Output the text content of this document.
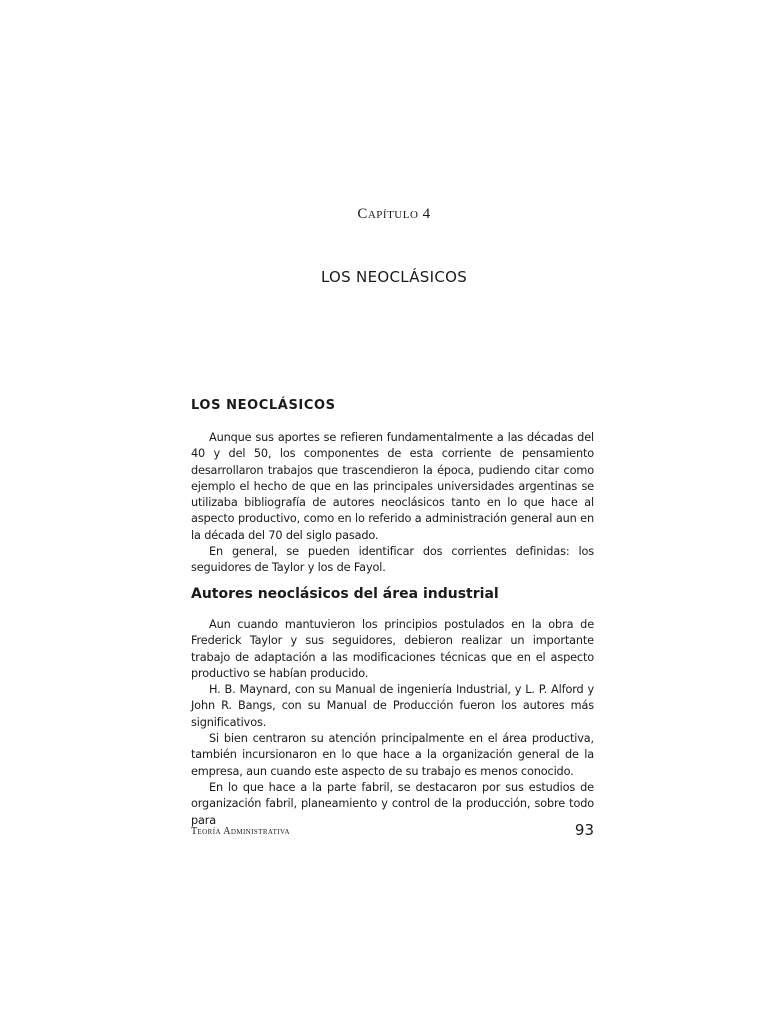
Capítulo 4
LOS NEOCLÁSICOS
LOS NEOCLÁSICOS

Aunque sus aportes se refieren fundamentalmente a las décadas del 40 y del 50, los componentes de esta corriente de pensamiento desarrollaron trabajos que trascendieron la época, pudiendo citar como ejemplo el hecho de que en las principales universidades argentinas se utilizaba bibliografía de autores neoclásicos tanto en lo que hace al aspecto productivo, como en lo referido a administración general aun en la década del 70 del siglo pasado.

En general, se pueden identificar dos corrientes definidas: los seguidores de Taylor y los de Fayol.

Autores neoclásicos del área industrial

Aun cuando mantuvieron los principios postulados en la obra de Frederick Taylor y sus seguidores, debieron realizar un importante trabajo de adaptación a las modificaciones técnicas que en el aspecto productivo se habían producido.

H. B. Maynard, con su Manual de ingeniería Industrial, y L. P. Alford y John R. Bangs, con su Manual de Producción fueron los autores más significativos.

Si bien centraron su atención principalmente en el área productiva, también incursionaron en lo que hace a la organización general de la empresa, aun cuando este aspecto de su trabajo es menos conocido.

En lo que hace a la parte fabril, se destacaron por sus estudios de organización fabril, planeamiento y control de la producción, sobre todo para

Teoría Administrativa	93
